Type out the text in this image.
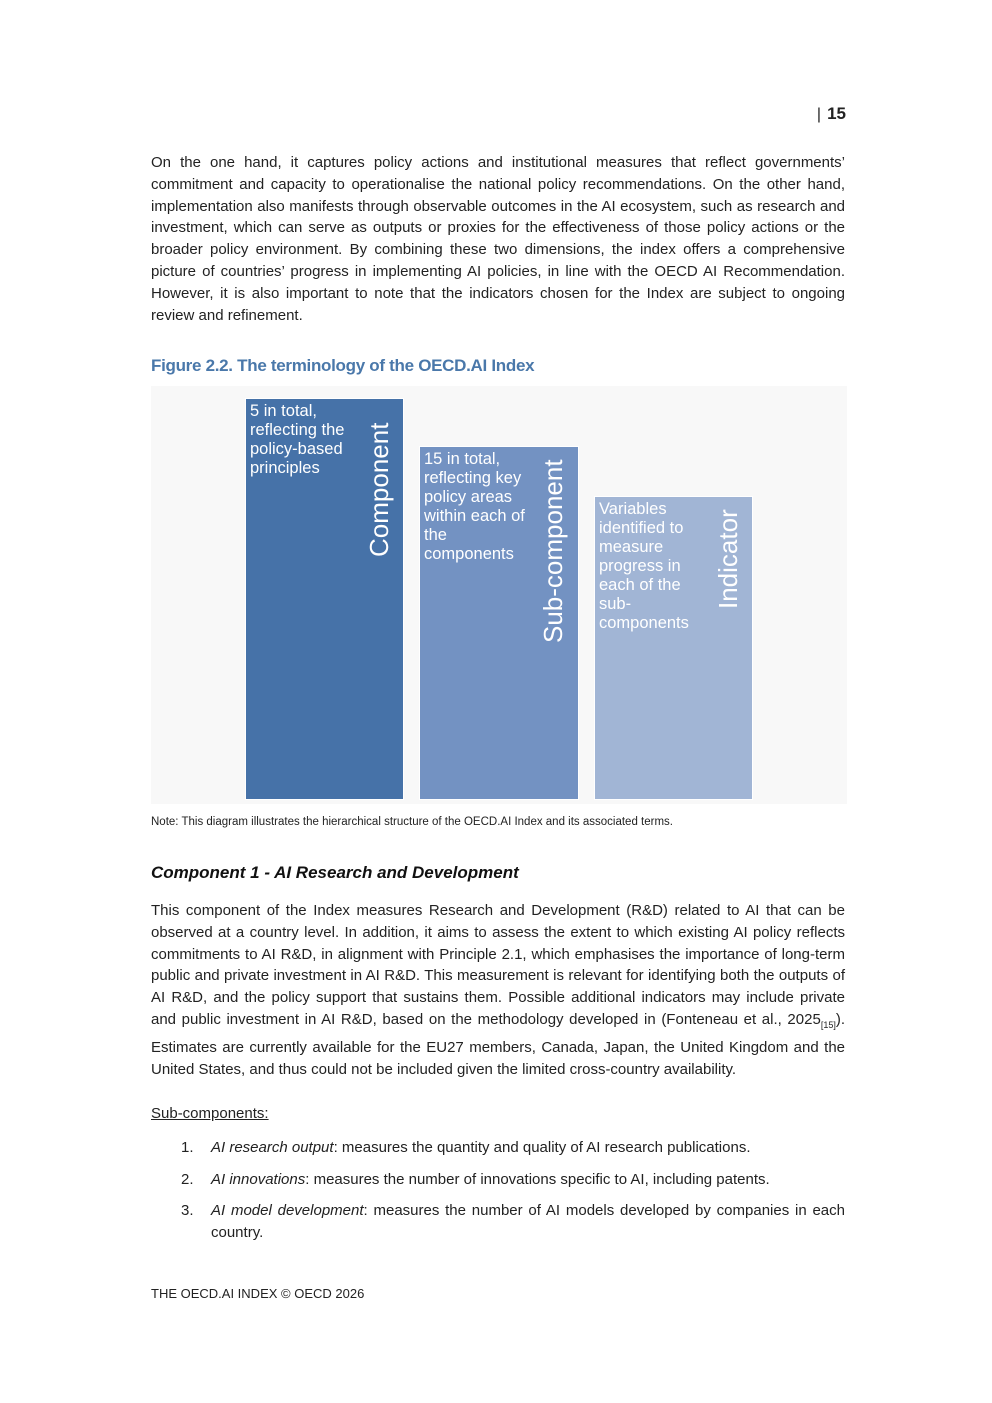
| 15
On the one hand, it captures policy actions and institutional measures that reflect governments’ commitment and capacity to operationalise the national policy recommendations. On the other hand, implementation also manifests through observable outcomes in the AI ecosystem, such as research and investment, which can serve as outputs or proxies for the effectiveness of those policy actions or the broader policy environment. By combining these two dimensions, the index offers a comprehensive picture of countries’ progress in implementing AI policies, in line with the OECD AI Recommendation. However, it is also important to note that the indicators chosen for the Index are subject to ongoing review and refinement.
Figure 2.2. The terminology of the OECD.AI Index
5 in total, reflecting the policy-based principles	Component 15 in total, reflecting key policy areas within each of the components Sub-component Variables identified to measure progress in each of the sub-components
Indicator
Note: This diagram illustrates the hierarchical structure of the OECD.AI Index and its associated terms.
Component 1 - AI Research and Development
This component of the Index measures Research and Development (R&D) related to AI that can be observed at a country level. In addition, it aims to assess the extent to which existing AI policy reflects commitments to AI R&D, in alignment with Principle 2.1, which emphasises the importance of long-term public and private investment in AI R&D. This measurement is relevant for identifying both the outputs of AI R&D, and the policy support that sustains them. Possible additional indicators may include private and public investment in AI R&D, based on the methodology developed in (Fonteneau et al., $2025_{[15]}$). Estimates are currently available for the EU27 members, Canada, Japan, the United Kingdom and the United States, and thus could not be included given the limited cross-country availability.
Sub-components:
1. AI research output: measures the quantity and quality of AI research publications.
2. AI innovations: measures the number of innovations specific to AI, including patents.
3. AI model development: measures the number of AI models developed by companies in each country.
THE OECD.AI INDEX © OECD 2026
